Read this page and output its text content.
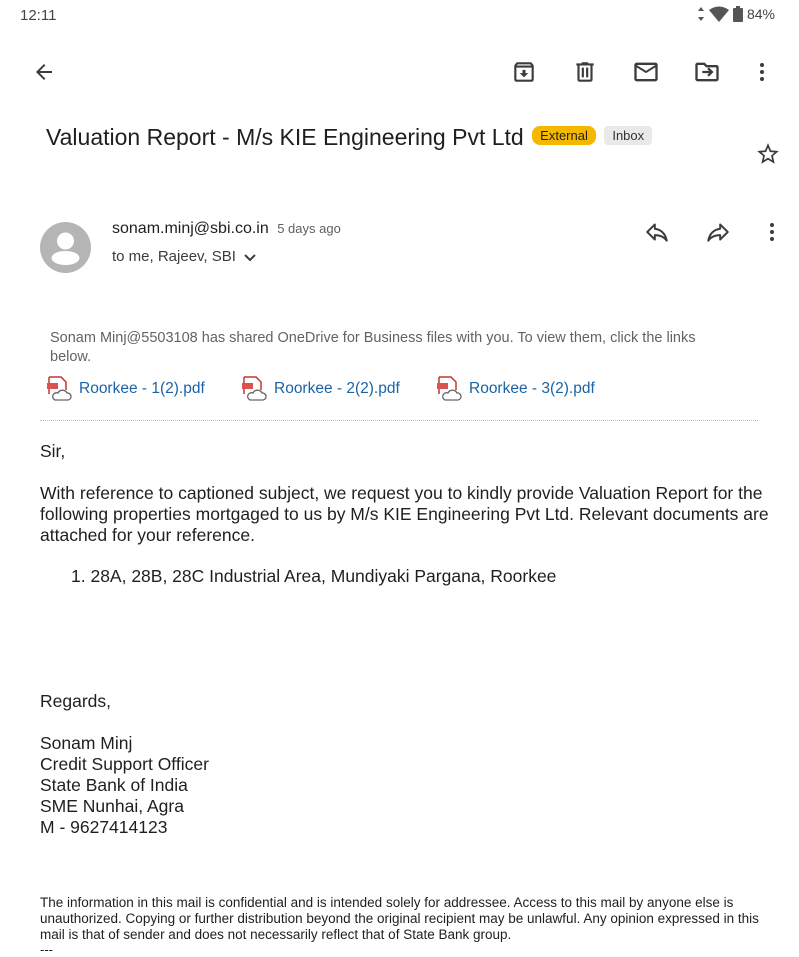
12:11	84%
Valuation Report - M/s KIE Engineering Pvt Ltd External Inbox
sonam.minj@sbi.co.in 5 days ago
to me, Rajeev, SBI
Sonam Minj@5503108 has shared OneDrive for Business files with you. To view them, click the links below.
Roorkee - 1(2).pdf	Roorkee - 2(2).pdf	Roorkee - 3(2).pdf
Sir,
With reference to captioned subject, we request you to kindly provide Valuation Report for the following properties mortgaged to us by M/s KIE Engineering Pvt Ltd. Relevant documents are attached for your reference.
1. 28A, 28B, 28C Industrial Area, Mundiyaki Pargana, Roorkee
Regards,
Sonam Minj
Credit Support Officer
State Bank of India
SME Nunhai, Agra
M - 9627414123
The information in this mail is confidential and is intended solely for addressee. Access to this mail by anyone else is unauthorized. Copying or further distribution beyond the original recipient may be unlawful. Any opinion expressed in this mail is that of sender and does not necessarily reflect that of State Bank group.
---
